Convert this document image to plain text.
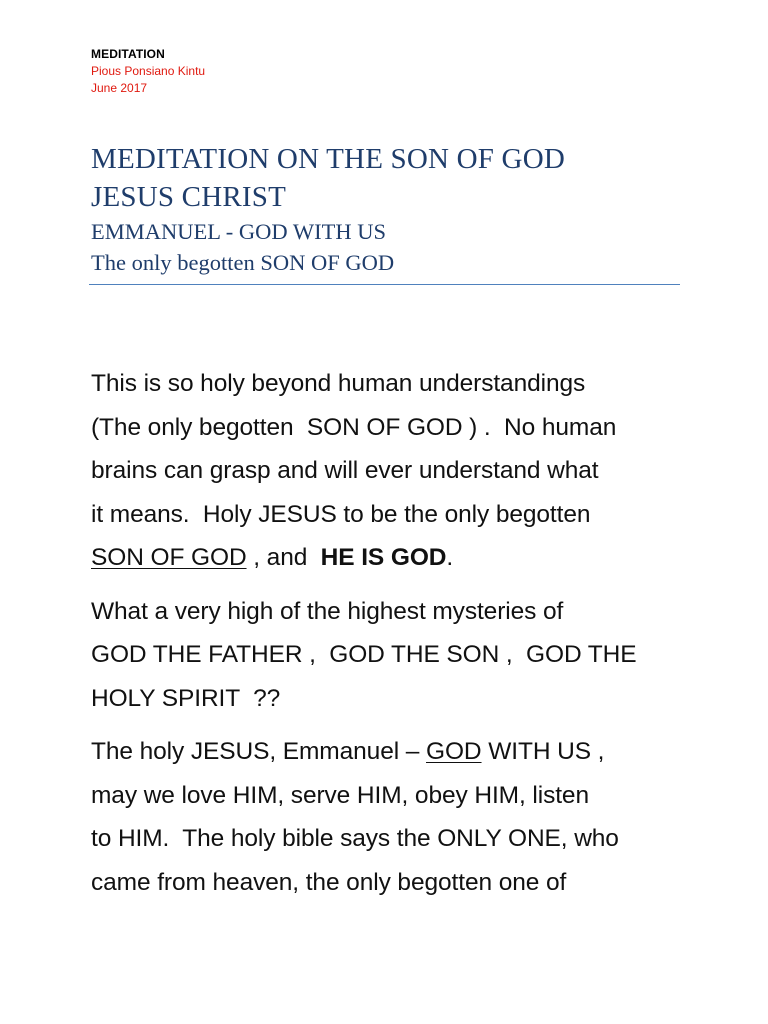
MEDITATION
Pious Ponsiano Kintu
June 2017
MEDITATION ON THE SON OF GOD
JESUS CHRIST
EMMANUEL - GOD WITH US
The only begotten SON OF GOD

This is so holy beyond human understandings
(The only begotten  SON OF GOD ) .  No human
brains can grasp and will ever understand what
it means.  Holy JESUS to be the only begotten
SON OF GOD , and  HE IS GOD.

What a very high of the highest mysteries of
GOD THE FATHER ,  GOD THE SON ,  GOD THE
HOLY SPIRIT  ??

The holy JESUS, Emmanuel – GOD WITH US ,
may we love HIM, serve HIM, obey HIM, listen
to HIM.  The holy bible says the ONLY ONE, who
came from heaven, the only begotten one of
